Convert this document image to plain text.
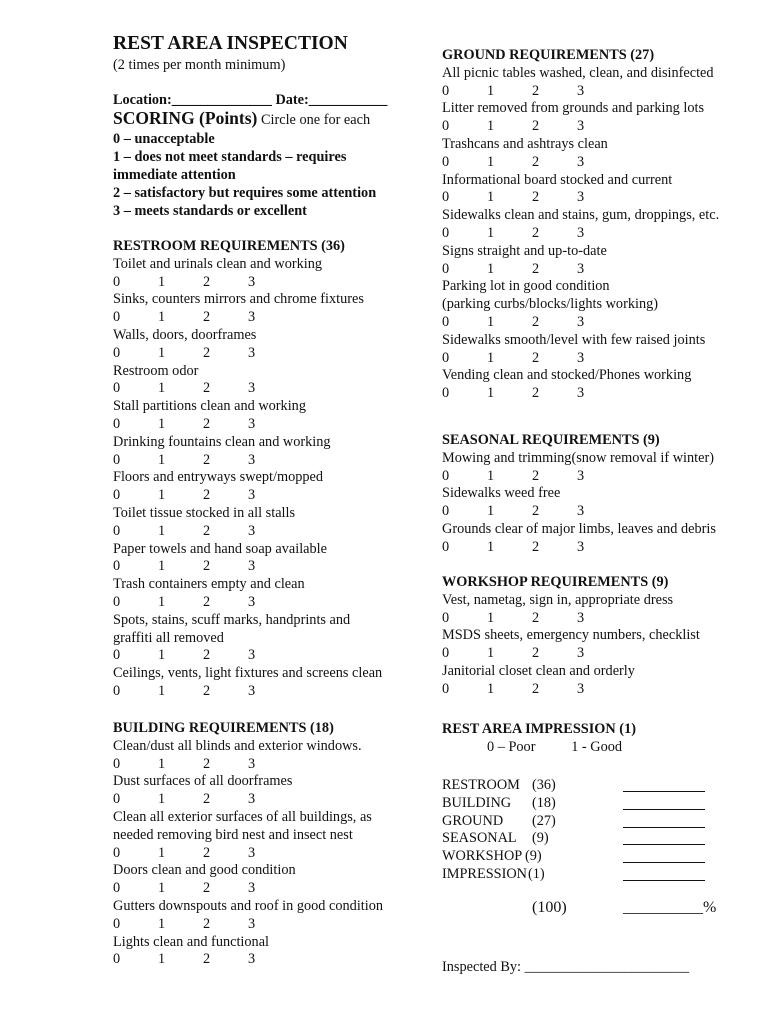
REST AREA INSPECTION
(2 times per month minimum)
Location:______________ Date:___________
SCORING (Points) Circle one for each
0 – unacceptable
1 – does not meet standards – requires
immediate attention
2 – satisfactory but requires some attention
3 – meets standards or excellent
RESTROOM REQUIREMENTS (36)
Toilet and urinals clean and working
0	1	2	3
Sinks, counters mirrors and chrome fixtures
0	1	2	3
Walls, doors, doorframes
0	1	2	3
Restroom odor
0	1	2	3
Stall partitions clean and working
0	1	2	3
Drinking fountains clean and working
0	1	2	3
Floors and entryways swept/mopped
0	1	2	3
Toilet tissue stocked in all stalls
0	1	2	3
Paper towels and hand soap available
0	1	2	3
Trash containers empty and clean
0	1	2	3
Spots, stains, scuff marks, handprints and
graffiti all removed
0	1	2	3
Ceilings, vents, light fixtures and screens clean
0	1	2	3
BUILDING REQUIREMENTS (18)
Clean/dust all blinds and exterior windows.
0	1	2	3
Dust surfaces of all doorframes
0	1	2	3
Clean all exterior surfaces of all buildings, as
needed removing bird nest and insect nest
0	1	2	3
Doors clean and good condition
0	1	2	3
Gutters downspouts and roof in good condition
0	1	2	3
Lights clean and functional
0	1	2	3
GROUND REQUIREMENTS (27)
All picnic tables washed, clean, and disinfected
0	1	2	3
Litter removed from grounds and parking lots
0	1	2	3
Trashcans and ashtrays clean
0	1	2	3
Informational board stocked and current
0	1	2	3
Sidewalks clean and stains, gum, droppings, etc.
0	1	2	3
Signs straight and up-to-date
0	1	2	3
Parking lot in good condition
(parking curbs/blocks/lights working)
0	1	2	3
Sidewalks smooth/level with few raised joints
0	1	2	3
Vending clean and stocked/Phones working
0	1	2	3
SEASONAL REQUIREMENTS (9)
Mowing and trimming(snow removal if winter)
0	1	2	3
Sidewalks weed free
0	1	2	3
Grounds clear of major limbs, leaves and debris
0	1	2	3
WORKSHOP REQUIREMENTS (9)
Vest, nametag, sign in, appropriate dress
0	1	2	3
MSDS sheets, emergency numbers, checklist
0	1	2	3
Janitorial closet clean and orderly
0	1	2	3
REST AREA IMPRESSION (1)
0 – Poor          1 - Good
RESTROOM (36)
BUILDING (18)
GROUND (27)
SEASONAL (9)
WORKSHOP (9)
IMPRESSION (1)
(100)	__________%
Inspected By: _______________________
